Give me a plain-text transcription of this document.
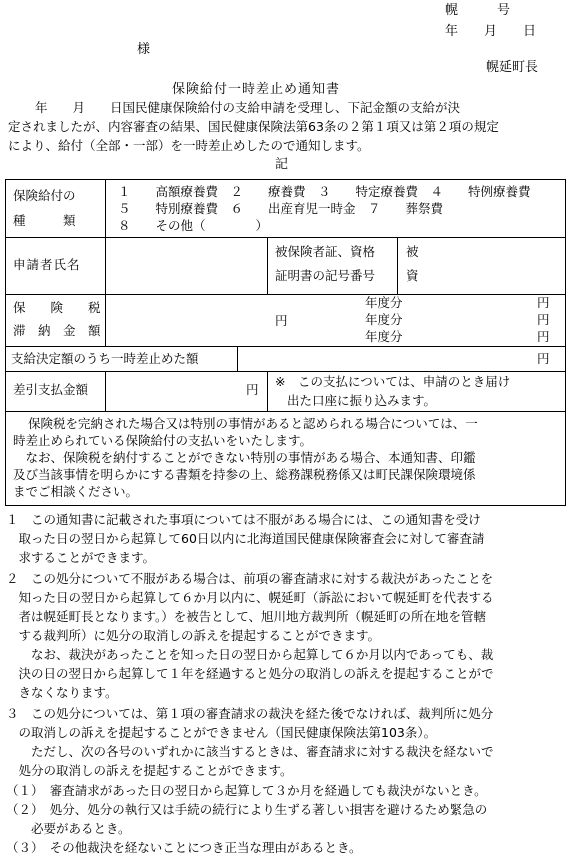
幌　　　号
年　　月　　日
様
幌延町長
保険給付一時差止め通知書
　　年　　月　　日国民健康保険給付の支給申請を受理し、下記金額の支給が決
定されましたが、内容審査の結果、国民健康保険法第63条の２第１項又は第２項の規定
により、給付（全部・一部）を一時差止めしたので通知します。
記
保険給付の
種　　　類
１　　高額療養費　２　　療養費　３　　特定療養費　４　　特例療養費
５　　特別療養費　６　　出産育児一時金　７　　葬祭費
８　　その他（　　　　）
申請者氏名
被保険者証、資格
証明書の記号番号
被
資
保　　険　　税
滞　納　金　額
円
年度分
年度分
年度分
円
円
円
支給決定額のうち一時差止めた額	円
差引支払金額	円
※　この支払については、申請のとき届け
出た口座に振り込みます。
保険税を完納された場合又は特別の事情があると認められる場合については、一
時差止められている保険給付の支払いをいたします。
　なお、保険税を納付することができない特別の事情がある場合、本通知書、印鑑
及び当該事情を明らかにする書類を持参の上、総務課税務係又は町民課保険環境係
までご相談ください。
１　この通知書に記載された事項については不服がある場合には、この通知書を受け
　取った日の翌日から起算して60日以内に北海道国民健康保険審査会に対して審査請
　求することができます。
２　この処分について不服がある場合は、前項の審査請求に対する裁決があったことを
　知った日の翌日から起算して６か月以内に、幌延町（訴訟において幌延町を代表する
　者は幌延町長となります。）を被告として、旭川地方裁判所（幌延町の所在地を管轄
　する裁判所）に処分の取消しの訴えを提起することができます。
　　なお、裁決があったことを知った日の翌日から起算して６か月以内であっても、裁
　決の日の翌日から起算して１年を経過すると処分の取消しの訴えを提起することがで
　きなくなります。
３　この処分については、第１項の審査請求の裁決を経た後でなければ、裁判所に処分
　の取消しの訴えを提起することができません（国民健康保険法第103条）。
　　ただし、次の各号のいずれかに該当するときは、審査請求に対する裁決を経ないで
　処分の取消しの訴えを提起することができます。
（１）　審査請求があった日の翌日から起算して３か月を経過しても裁決がないとき。
（２）　処分、処分の執行又は手続の続行により生ずる著しい損害を避けるため緊急の
　　必要があるとき。
（３）　その他裁決を経ないことにつき正当な理由があるとき。
